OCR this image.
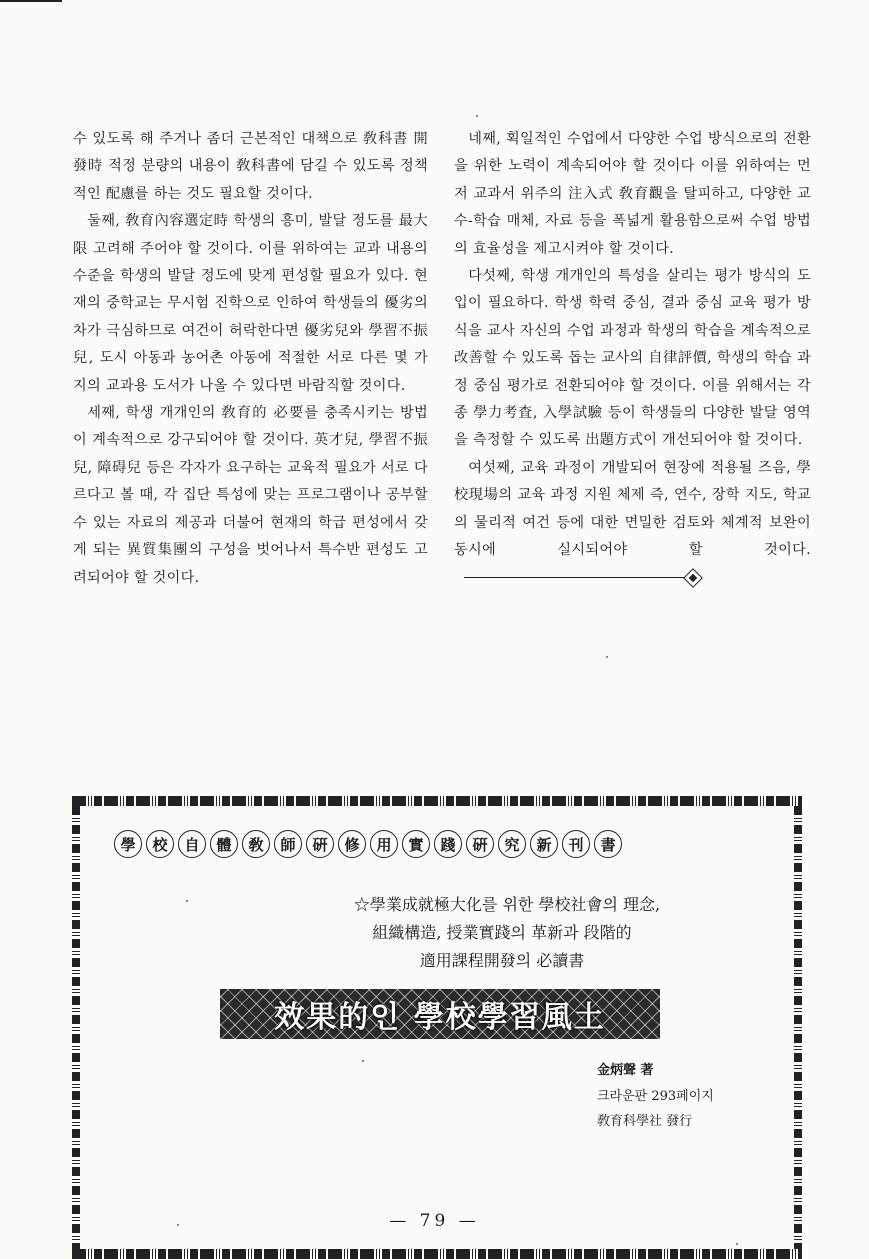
수 있도록 해 주거나 좀더 근본적인 대책으로 敎科書 開發時 적정 분량의 내용이 敎科書에 담길 수 있도록 정책적인 配慮를 하는 것도 필요할 것이다.

둘째, 敎育內容選定時 학생의 흥미, 발달 정도를 最大限 고려해 주어야 할 것이다. 이를 위하여는 교과 내용의 수준을 학생의 발달 정도에 맞게 편성할 필요가 있다. 현재의 중학교는 무시험 진학으로 인하여 학생들의 優劣의 차가 극심하므로 여건이 허락한다면 優劣兒와 學習不振兒, 도시 아동과 농어촌 아동에 적절한 서로 다른 몇 가지의 교과용 도서가 나올 수 있다면 바람직할 것이다.

세째, 학생 개개인의 敎育的 必要를 충족시키는 방법이 계속적으로 강구되어야 할 것이다. 英才兒, 學習不振兒, 障碍兒 등은 각자가 요구하는 교육적 필요가 서로 다르다고 볼 때, 각 집단 특성에 맞는 프로그램이나 공부할 수 있는 자료의 제공과 더불어 현재의 학급 편성에서 갖게 되는 異質集團의 구성을 벗어나서 특수반 편성도 고려되어야 할 것이다.

네째, 획일적인 수업에서 다양한 수업 방식으로의 전환을 위한 노력이 계속되어야 할 것이다 이를 위하여는 먼저 교과서 위주의 注入式 敎育觀을 탈피하고, 다양한 교수-학습 매체, 자료 등을 폭넓게 활용함으로써 수업 방법의 효율성을 제고시켜야 할 것이다.

다섯째, 학생 개개인의 특성을 살리는 평가 방식의 도입이 필요하다. 학생 학력 중심, 결과 중심 교육 평가 방식을 교사 자신의 수업 과정과 학생의 학습을 계속적으로 改善할 수 있도록 돕는 교사의 自律評價, 학생의 학습 과정 중심 평가로 전환되어야 할 것이다. 이를 위해서는 각종 學力考査, 入學試驗 등이 학생들의 다양한 발달 영역을 측정할 수 있도록 出題方式이 개선되어야 할 것이다.

여섯째, 교육 과정이 개발되어 현장에 적용될 즈음, 學校現場의 교육 과정 지원 체제 즉, 연수, 장학 지도, 학교의 물리적 여건 등에 대한 면밀한 검토와 체계적 보완이 동시에 실시되어야 할 것이다.

學	校	自	體	敎	師	硏	修	用	實	踐	硏	究	新	刊	書
☆學業成就極大化를 위한 學校社會의 理念,
組織構造, 授業實踐의 革新과 段階的
適用課程開發의 必讀書
效果的인 學校學習風土
金炳聲 著
크라운판 293페이지
敎育科學社 發行
— 79 —
